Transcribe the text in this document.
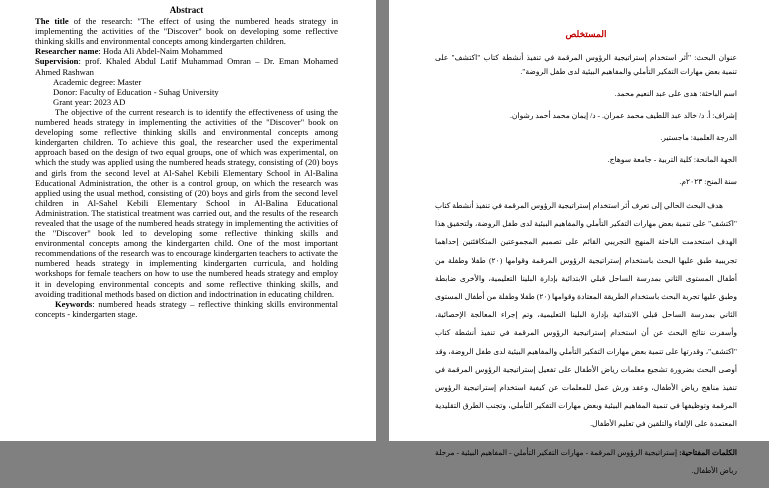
Abstract

The title of the research: "The effect of using the numbered heads strategy in implementing the activities of the "Discover" book on developing some reflective thinking skills and environmental concepts among kindergarten children.

Researcher name: Hoda Ali Abdel-Naim Mohammed

Supervision: prof. Khaled Abdul Latif Muhammad Omran – Dr. Eman Mohamed Ahmed Rashwan

Academic degree: Master

Donor: Faculty of Education - Suhag University

Grant year: 2023 AD

The objective of the current research is to identify the effectiveness of using the numbered heads strategy in implementing the activities of the "Discover" book on developing some reflective thinking skills and environmental concepts among kindergarten children. To achieve this goal, the researcher used the experimental approach based on the design of two equal groups, one of which was experimental, on which the study was applied using the numbered heads strategy, consisting of (20) boys and girls from the second level at Al-Sahel Kebili Elementary School in Al-Balina Educational Administration, the other is a control group, on which the research was applied using the usual method, consisting of (20) boys and girls from the second level children in Al-Sahel Kebili Elementary School in Al-Balina Educational Administration. The statistical treatment was carried out, and the results of the research revealed that the usage of the numbered heads strategy in implementing the activities of the "Discover" book led to developing some reflective thinking skills and environmental concepts among the kindergarten child. One of the most important recommendations of the research was to encourage kindergarten teachers to activate the numbered heads strategy in implementing kindergarten curricula, and holding workshops for female teachers on how to use the numbered heads strategy and employ it in developing environmental concepts and some reflective thinking skills, and avoiding traditional methods based on diction and indoctrination in educating children.

Keywords: numbered heads strategy – reflective thinking skills environmental concepts - kindergarten stage.

المستخلص

عنوان البحث: "أثر استخدام إستراتيجية الرؤوس المرقمة في تنفيذ أنشطة كتاب "اكتشف" على تنمية بعض مهارات التفكير التأملي والمفاهيم البيئية لدى طفل الروضة".

اسم الباحثة: هدى على عبد النعيم محمد.

إشراف: أ. د/ خالد عبد اللطيف محمد عمران. - د/ إيمان محمد أحمد رشوان.

الدرجة العلمية: ماجستير.

الجهة المانحة: كلية التربية - جامعة سوهاج.

سنة المنح: ٢٠٢٣م.

هدف البحث الحالي إلى تعرف أثر استخدام إستراتيجية الرؤوس المرقمة في تنفيذ أنشطة كتاب "اكتشف" على تنمية بعض مهارات التفكير التأملي والمفاهيم البيئية لدى طفل الروضة، ولتحقيق هذا الهدف استخدمت الباحثة المنهج التجريبي القائم على تصميم المجموعتين المتكافئتين إحداهما تجريبية طبق عليها البحث باستخدام إستراتيجية الرؤوس المرقمة وقوامها (٢٠) طفلا وطفلة من أطفال المستوى الثاني بمدرسة الساحل قبلي الابتدائية بإدارة البلينا التعليمية، والأخرى ضابطة وطبق عليها تجربة البحث باستخدام الطريقة المعتادة وقوامها (٢٠) طفلا وطفلة من أطفال المستوى الثاني بمدرسة الساحل قبلي الابتدائية بإدارة البلينا التعليمية، وتم إجراء المعالجة الإحصائية، وأسفرت نتائج البحث عن أن استخدام إستراتيجية الرؤوس المرقمة في تنفيذ أنشطة كتاب "اكتشف"، وقدرتها على تنمية بعض مهارات التفكير التأملي والمفاهيم البيئية لدى طفل الروضة، وقد أوصى البحث بضرورة تشجيع معلمات رياض الأطفال على تفعيل إستراتيجية الرؤوس المرقمة في تنفيذ مناهج رياض الأطفال، وعقد ورش عمل للمعلمات عن كيفية استخدام إستراتيجية الرؤوس المرقمة وتوظيفها في تنمية المفاهيم البيئية وبعض مهارات التفكير التأملي، وتجنب الطرق التقليدية المعتمدة على الإلقاء والتلقين في تعليم الأطفال.

الكلمات المفتاحية: إستراتيجية الرؤوس المرقمة - مهارات التفكير التأملي - المفاهيم البيئية - مرحلة رياض الأطفال.
